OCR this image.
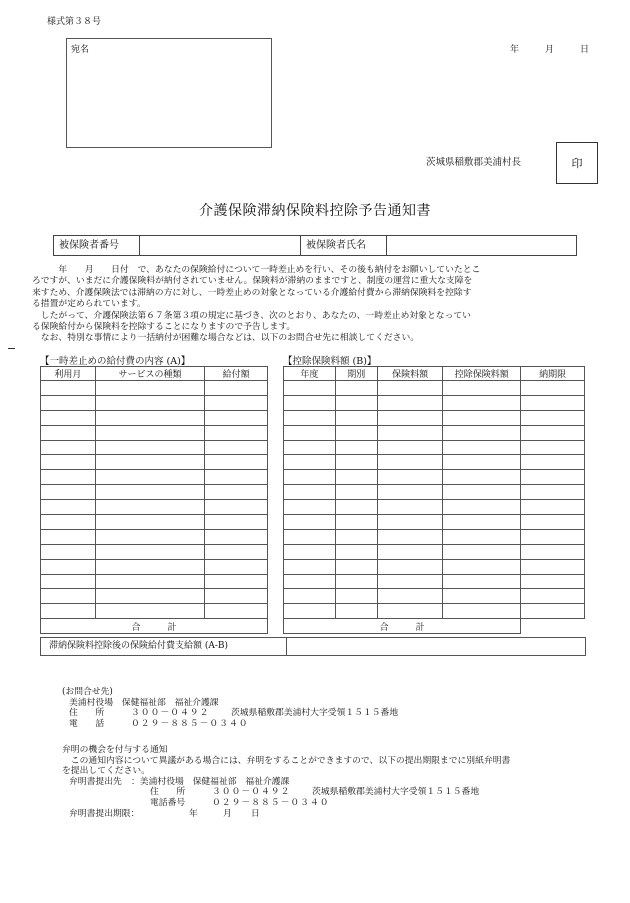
様式第３８号
宛名	年	月	日
茨城県稲敷郡美浦村長	印
介護保険滞納保険料控除予告通知書
被保険者番号	被保険者氏名

　　　年　　月　　日付　で、あなたの保険給付について一時差止めを行い、その後も納付をお願いしていたとこ

ろですが、いまだに介護保険料が納付されていません。保険料が滞納のままですと、制度の運営に重大な支障を

来すため、介護保険法では滞納の方に対し、一時差止めの対象となっている介護給付費から滞納保険料を控除す

る措置が定められています。

　したがって、介護保険法第６７条第３項の規定に基づき、次のとおり、あなたの、一時差止め対象となってい

る保険給付から保険料を控除することになりますので予告します。

　なお、特別な事情により一括納付が困難な場合などは、以下のお問合せ先に相談してください。

【一時差止めの給付費の内容 (A)】	【控除保険料額 (B)】
利用月	サービスの種類	給付額

合　　　計		
年度	期別	保険料額	控除保険料額	納期限

合　　　計				
滞納保険料控除後の保険給付費支給額 (A-B)
(お問合せ先)
美浦村役場　保健福祉部　福祉介護課
住　　所	３００－０４９２	茨城県稲敷郡美浦村大字受領１５１５番地
電　　話	０２９－８８５－０３４０
弁明の機会を付与する通知
　この通知内容について異議がある場合には、弁明をすることができますので、以下の提出期限までに別紙弁明書
を提出してください。
弁明書提出先	：美浦村役場　保健福祉部　福祉介護課
住　　所	３００－０４９２	茨城県稲敷郡美浦村大字受領１５１５番地
電話番号	０２９－８８５－０３４０
弁明書提出期限：	年	月	日
